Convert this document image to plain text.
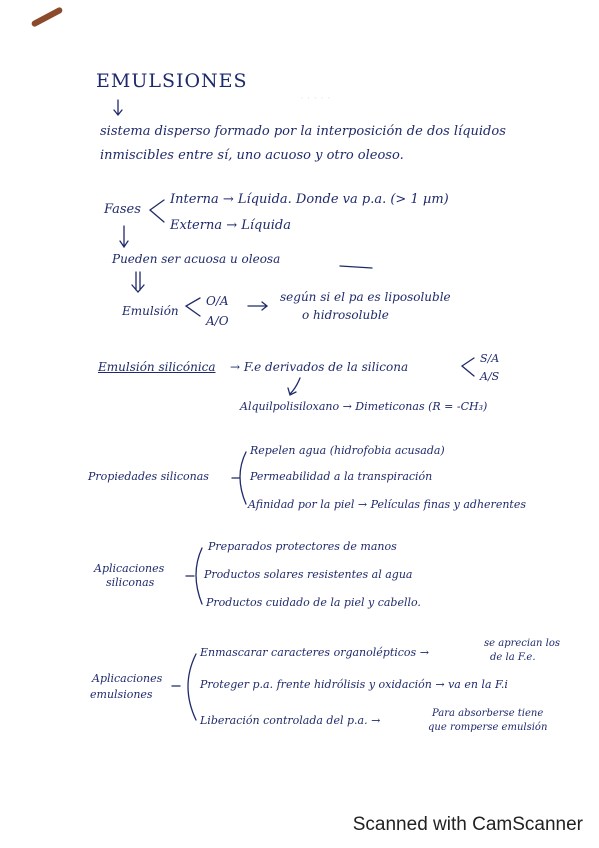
· · · · ·
EMULSIONES
sistema disperso formado por la interposición de dos líquidos
inmiscibles entre sí, uno acuoso y otro oleoso.
Fases
Interna → Líquida. Donde va p.a. (> 1 µm)
Externa → Líquida
Pueden ser acuosa u oleosa
Emulsión
O/A
A/O
según si el pa es liposoluble
o hidrosoluble
Emulsión silicónica → F.e derivados de la silicona
S/A
A/S
Alquilpolisiloxano → Dimeticonas (R = -CH₃)
Propiedades siliconas
Repelen agua (hidrofobia acusada)
Permeabilidad a la transpiración
Afinidad por la piel → Películas finas y adherentes
Aplicaciones
siliconas
Preparados protectores de manos
Productos solares resistentes al agua
Productos cuidado de la piel y cabello.
Aplicaciones
emulsiones
Enmascarar caracteres organolépticos →
Proteger p.a. frente hidrólisis y oxidación → va en la F.i
Liberación controlada del p.a. →
se aprecian los
de la F.e.
Para absorberse tiene
que romperse emulsión
Scanned with CamScanner
